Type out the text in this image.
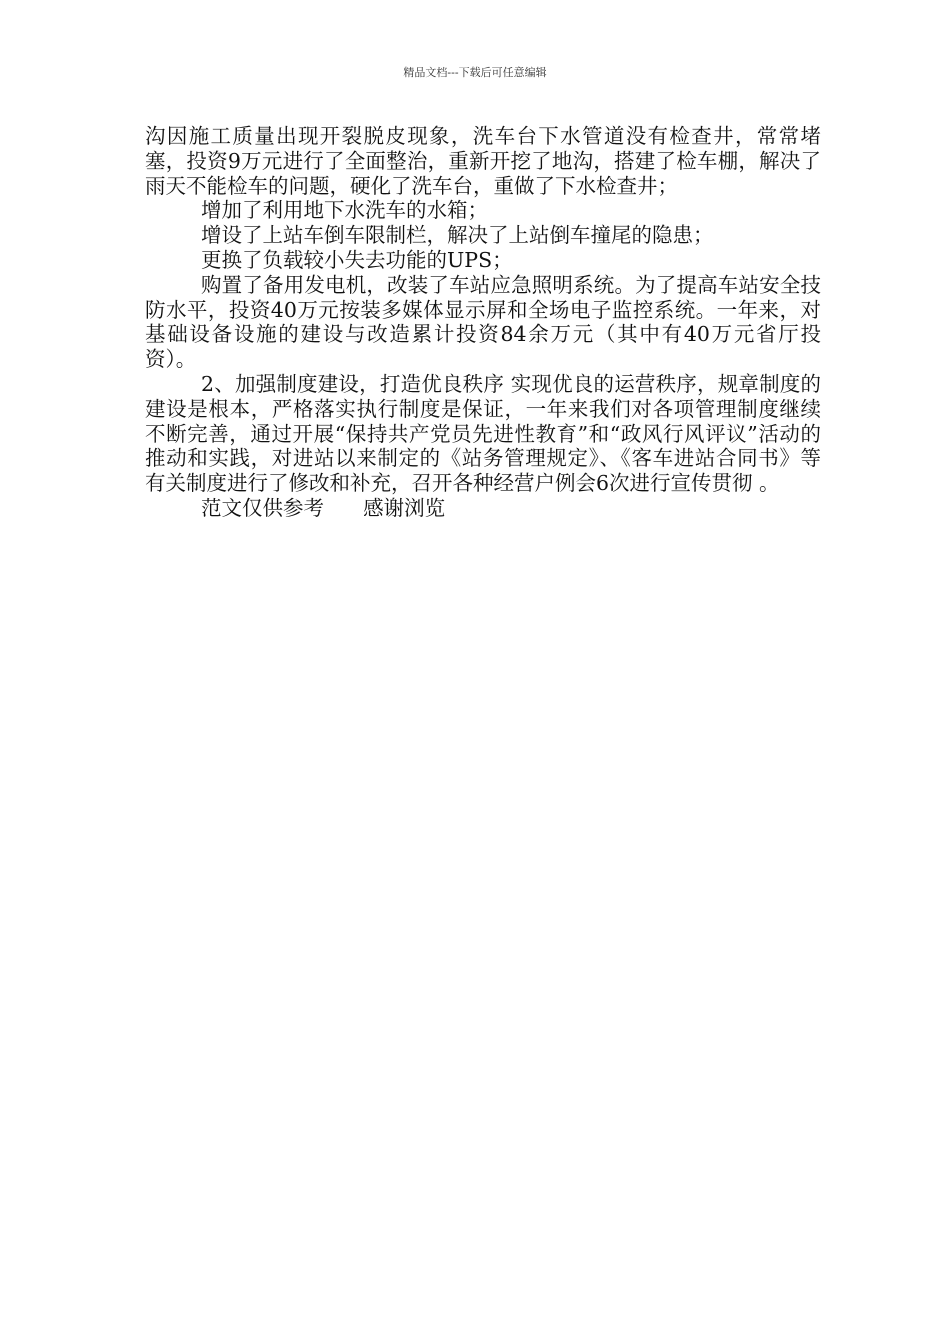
精品文档---下载后可任意编辑

沟因施工质量出现开裂脱皮现象，洗车台下水管道没有检查井，常常堵塞，投资9万元进行了全面整治，重新开挖了地沟，搭建了检车棚，解决了雨天不能检车的问题，硬化了洗车台，重做了下水检查井；

增加了利用地下水洗车的水箱；

增设了上站车倒车限制栏，解决了上站倒车撞尾的隐患；

更换了负载较小失去功能的UPS；

购置了备用发电机，改装了车站应急照明系统。为了提高车站安全技防水平，投资40万元按装多媒体显示屏和全场电子监控系统。一年来，对基础设备设施的建设与改造累计投资84余万元（其中有40万元省厅投资）。

2、加强制度建设，打造优良秩序 实现优良的运营秩序，规章制度的建设是根本，严格落实执行制度是保证，一年来我们对各项管理制度继续不断完善，通过开展“保持共产党员先进性教育”和“政风行风评议”活动的推动和实践，对进站以来制定的《站务管理规定》、《客车进站合同书》等有关制度进行了修改和补充，召开各种经营户例会6次进行宣传贯彻 。

范文仅供参考 感谢浏览
